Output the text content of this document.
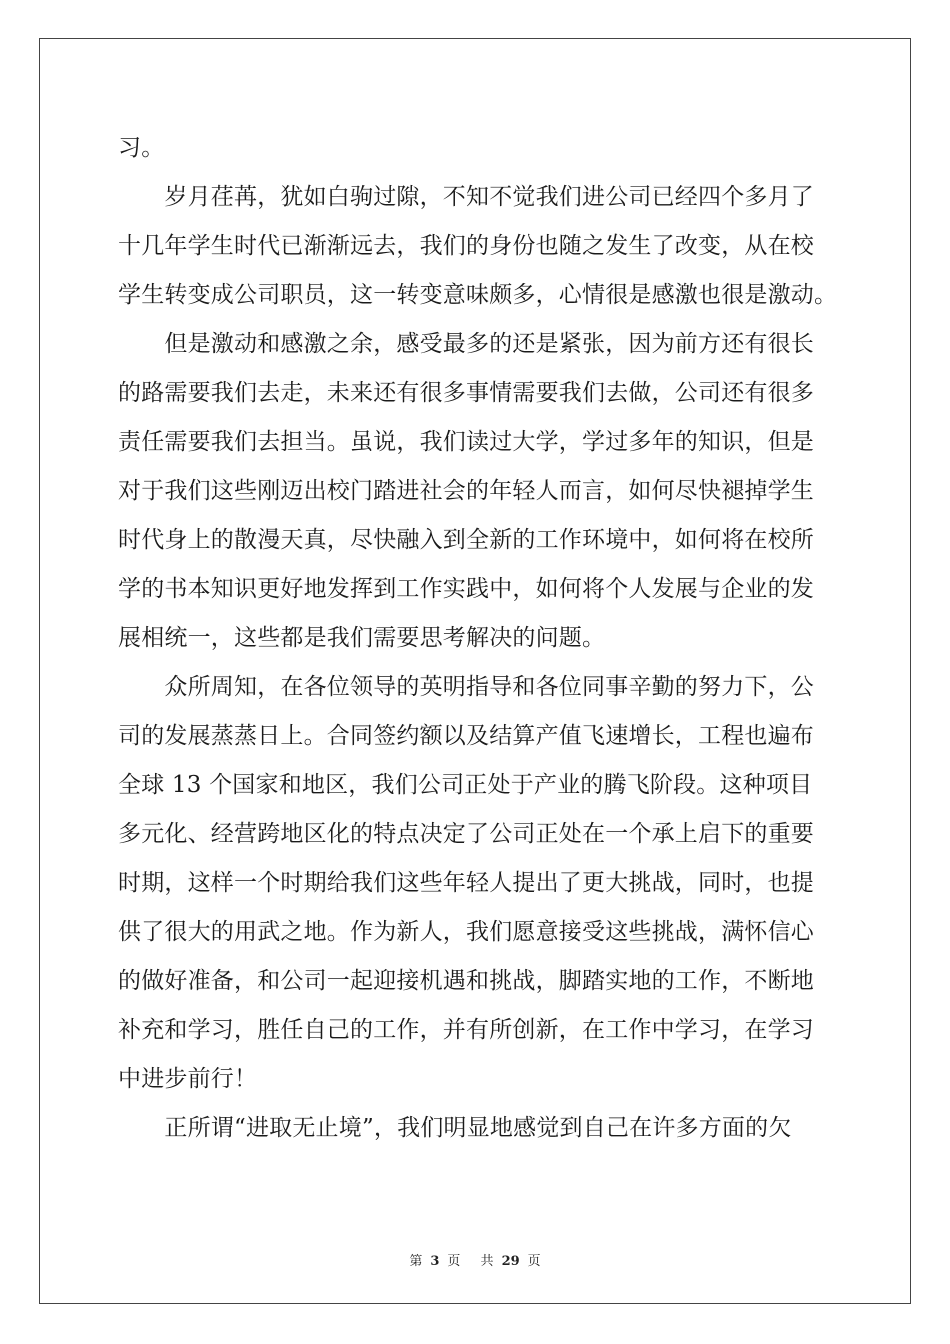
习。
　　岁月荏苒，犹如白驹过隙，不知不觉我们进公司已经四个多月了
十几年学生时代已渐渐远去，我们的身份也随之发生了改变，从在校
学生转变成公司职员，这一转变意味颇多，心情很是感激也很是激动。
　　但是激动和感激之余，感受最多的还是紧张，因为前方还有很长
的路需要我们去走，未来还有很多事情需要我们去做，公司还有很多
责任需要我们去担当。虽说，我们读过大学，学过多年的知识，但是
对于我们这些刚迈出校门踏进社会的年轻人而言，如何尽快褪掉学生
时代身上的散漫天真，尽快融入到全新的工作环境中，如何将在校所
学的书本知识更好地发挥到工作实践中，如何将个人发展与企业的发
展相统一，这些都是我们需要思考解决的问题。
　　众所周知，在各位领导的英明指导和各位同事辛勤的努力下，公
司的发展蒸蒸日上。合同签约额以及结算产值飞速增长，工程也遍布
全球 13 个国家和地区，我们公司正处于产业的腾飞阶段。这种项目
多元化、经营跨地区化的特点决定了公司正处在一个承上启下的重要
时期，这样一个时期给我们这些年轻人提出了更大挑战，同时，也提
供了很大的用武之地。作为新人，我们愿意接受这些挑战，满怀信心
的做好准备，和公司一起迎接机遇和挑战，脚踏实地的工作，不断地
补充和学习，胜任自己的工作，并有所创新，在工作中学习，在学习
中进步前行！
　　正所谓“进取无止境”，我们明显地感觉到自己在许多方面的欠
第 3 页 共 29 页
